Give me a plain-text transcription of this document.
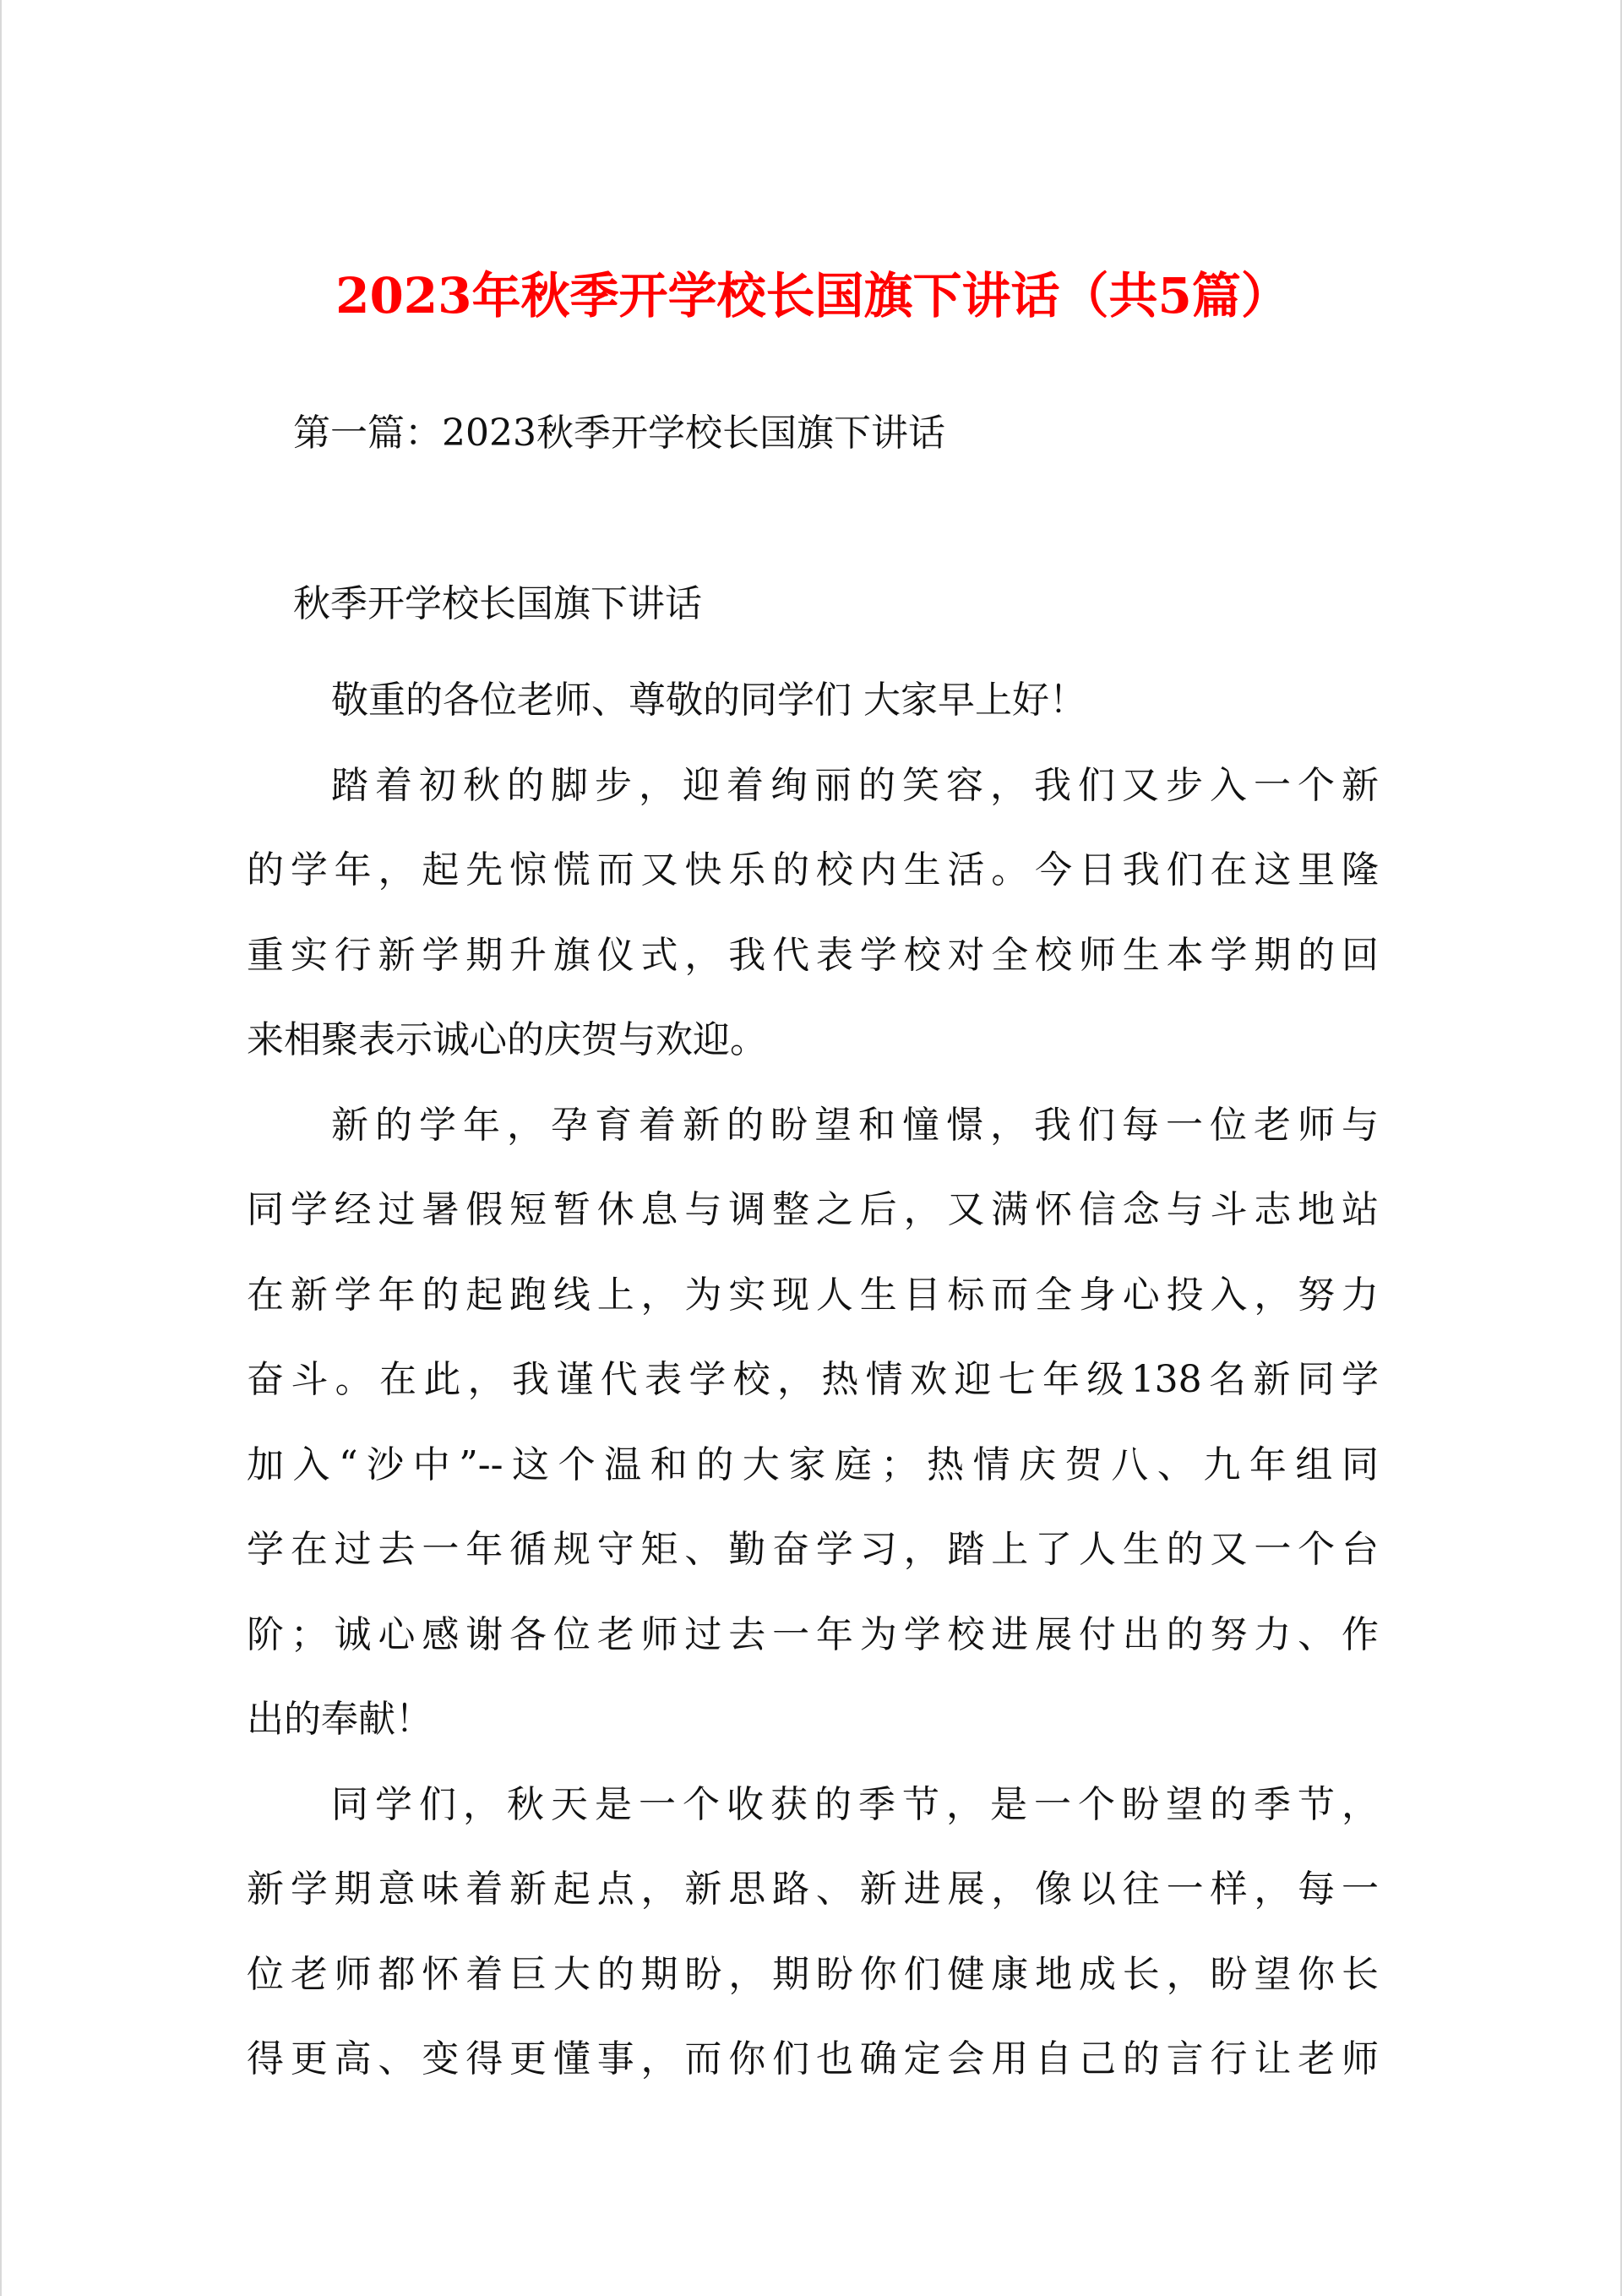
2023年秋季开学校长国旗下讲话（共5篇）

第一篇：2023秋季开学校长国旗下讲话

秋季开学校长国旗下讲话

敬重的各位老师、尊敬的同学们 大家早上好！
踏着初秋的脚步，迎着绚丽的笑容，我们又步入一个新
的学年，起先惊慌而又快乐的校内生活。今日我们在这里隆
重实行新学期升旗仪式，我代表学校对全校师生本学期的回
来相聚表示诚心的庆贺与欢迎。
新的学年，孕育着新的盼望和憧憬，我们每一位老师与
同学经过暑假短暂休息与调整之后，又满怀信念与斗志地站
在新学年的起跑线上，为实现人生目标而全身心投入，努力
奋斗。在此，我谨代表学校，热情欢迎七年级138名新同学
加入“沙中”--这个温和的大家庭；热情庆贺八、九年组同
学在过去一年循规守矩、勤奋学习，踏上了人生的又一个台
阶；诚心感谢各位老师过去一年为学校进展付出的努力、作
出的奉献！
同学们，秋天是一个收获的季节，是一个盼望的季节，
新学期意味着新起点，新思路、新进展，像以往一样，每一
位老师都怀着巨大的期盼，期盼你们健康地成长，盼望你长
得更高、变得更懂事，而你们也确定会用自己的言行让老师
